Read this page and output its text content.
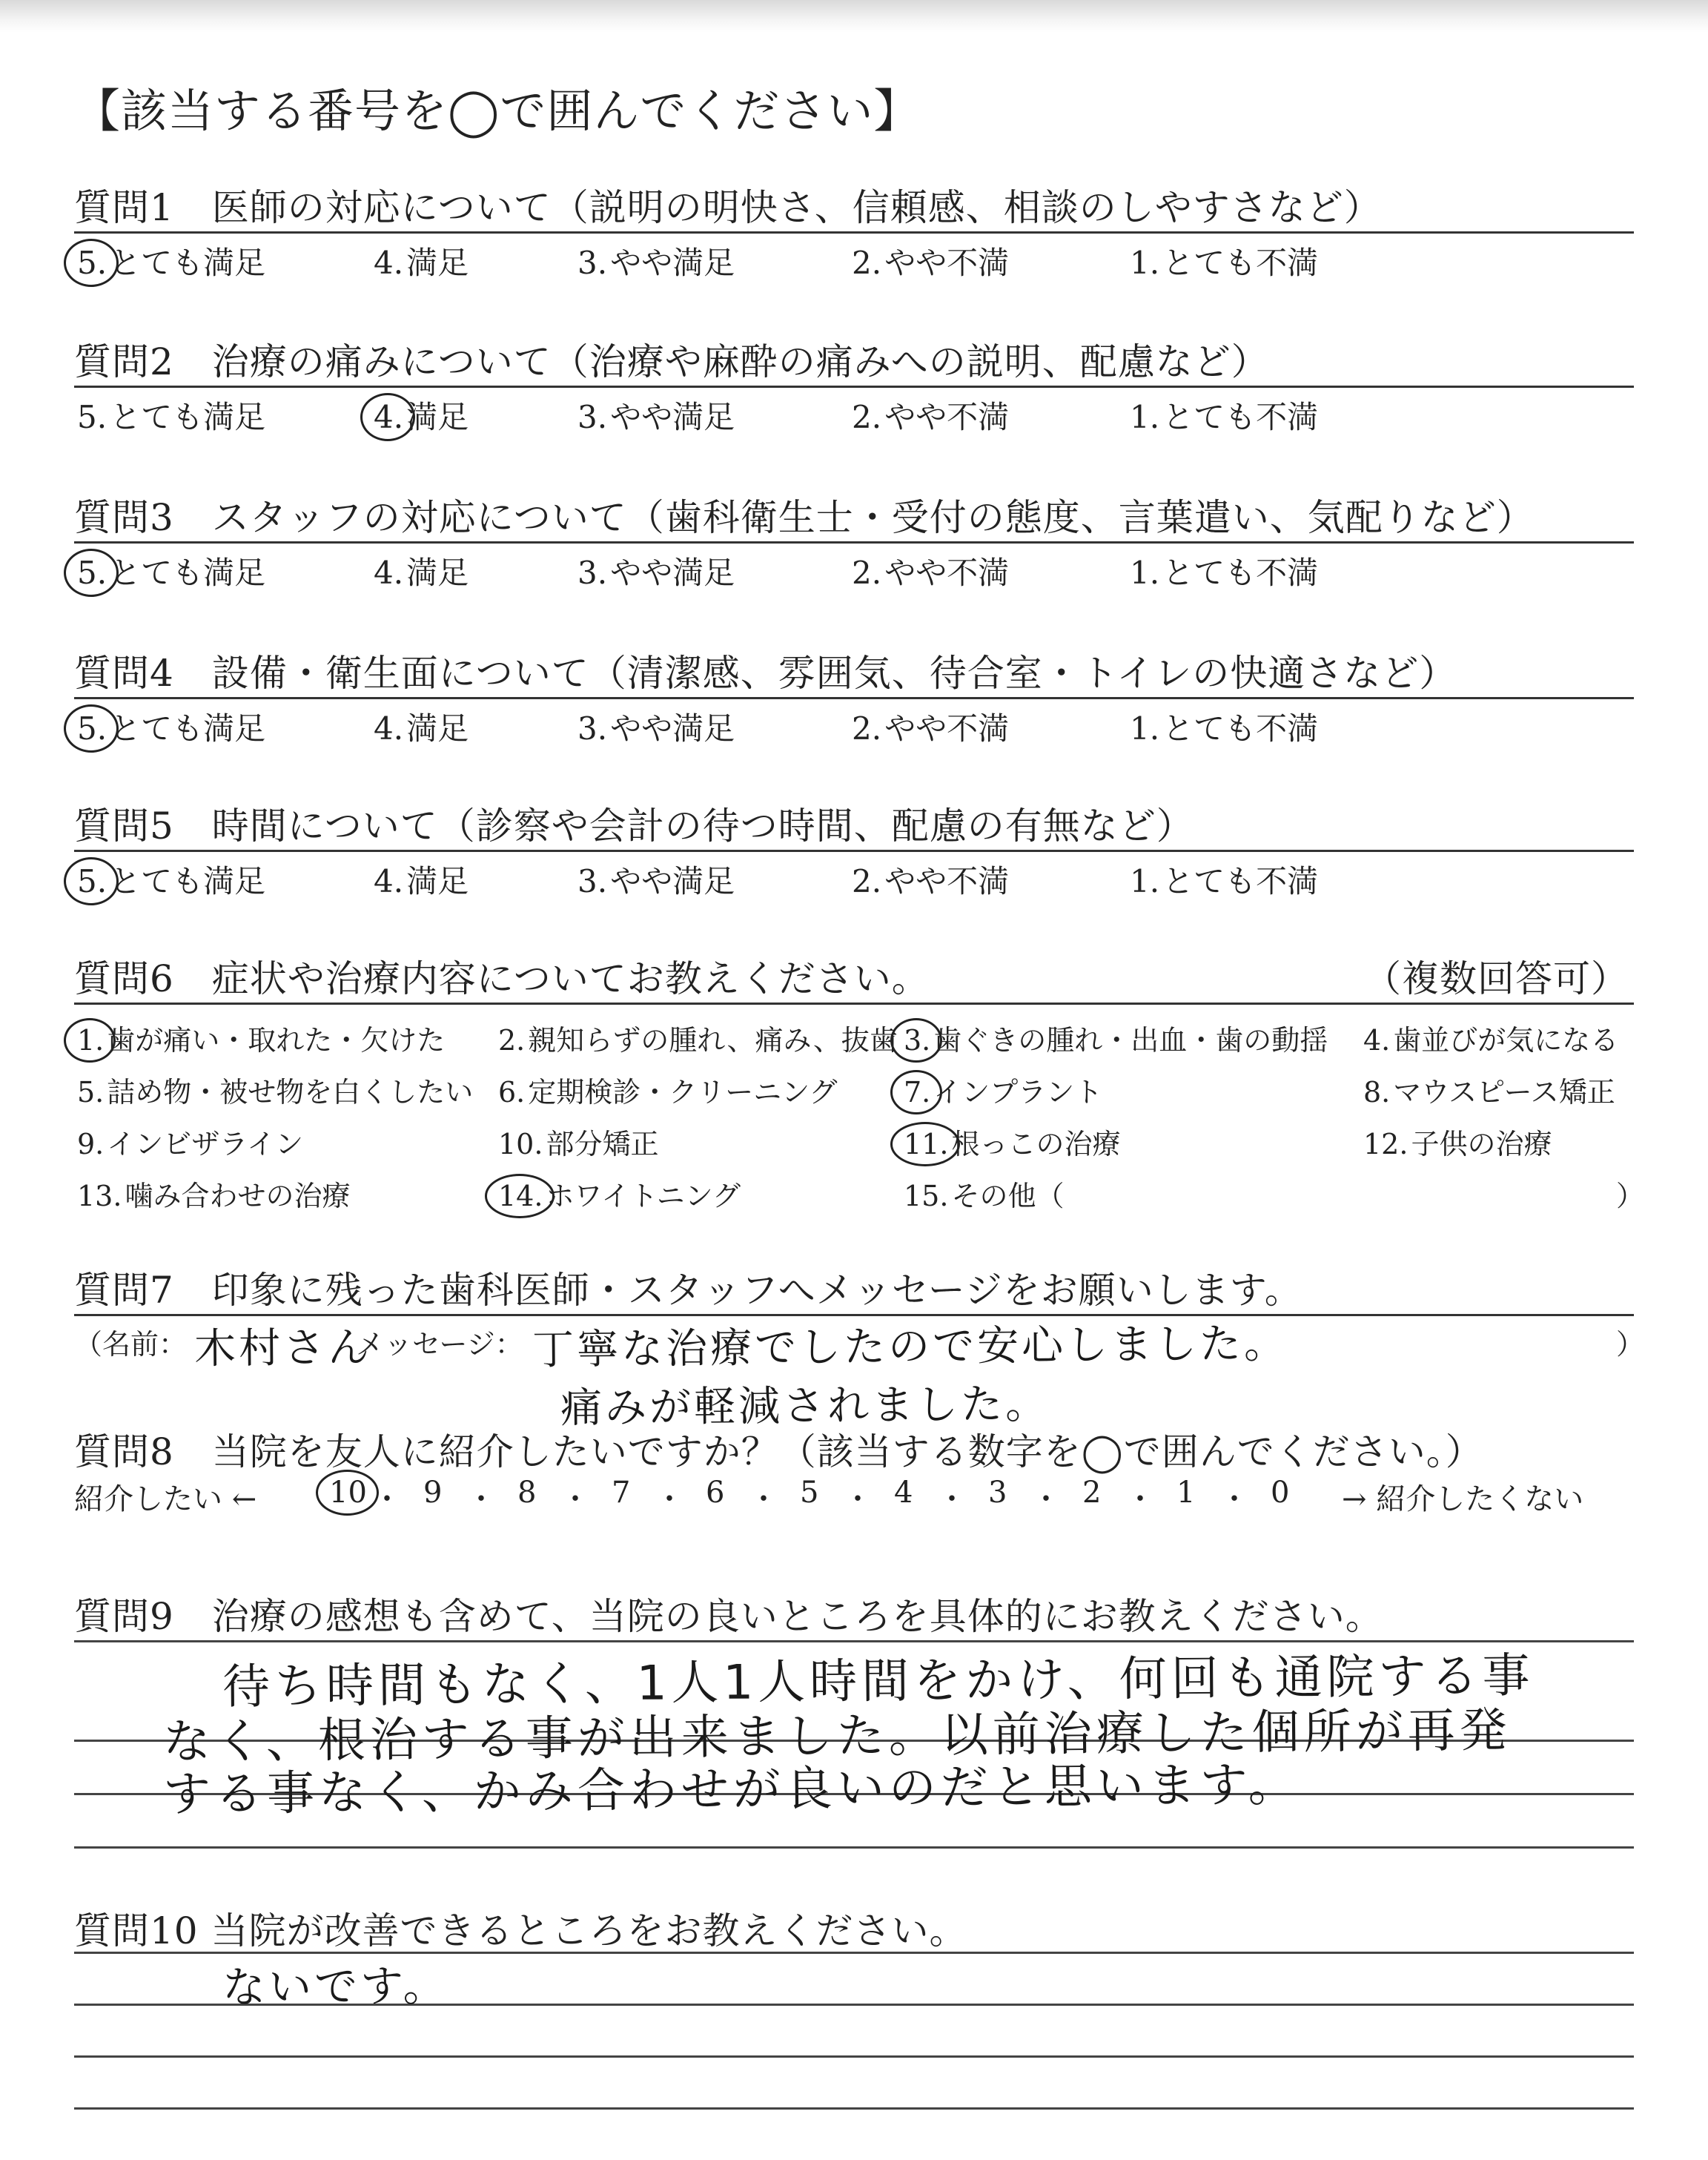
【該当する番号を◯で囲んでください】
質問1　医師の対応について（説明の明快さ、信頼感、相談のしやすさなど）
5.とても満足	4.満足	3.やや満足	2.やや不満	1.とても不満
質問2　治療の痛みについて（治療や麻酔の痛みへの説明、配慮など）
5.とても満足	4.満足	3.やや満足	2.やや不満	1.とても不満
質問3　スタッフの対応について（歯科衛生士・受付の態度、言葉遣い、気配りなど）
5.とても満足	4.満足	3.やや満足	2.やや不満	1.とても不満
質問4　設備・衛生面について（清潔感、雰囲気、待合室・トイレの快適さなど）
5.とても満足	4.満足	3.やや満足	2.やや不満	1.とても不満
質問5　時間について（診察や会計の待つ時間、配慮の有無など）
5.とても満足	4.満足	3.やや満足	2.やや不満	1.とても不満
質問6　症状や治療内容についてお教えください。	（複数回答可）
1. 歯が痛い・取れた・欠けた 2. 親知らずの腫れ、痛み、抜歯 3. 歯ぐきの腫れ・出血・歯の動揺 4. 歯並びが気になる
5. 詰め物・被せ物を白くしたい 6. 定期検診・クリーニング 7. インプラント	8. マウスピース矯正
9. インビザライン	10. 部分矯正	11. 根っこの治療	12. 子供の治療
13. 噛み合わせの治療	14. ホワイトニング	15. その他（	）
質問7　印象に残った歯科医師・スタッフへメッセージをお願いします。
（名前： 木村さん
メッセージ： 丁寧な治療でしたので安心しました。	）
痛みが軽減されました。
質問8　当院を友人に紹介したいですか？（該当する数字を◯で囲んでください。）
紹介したい ← 10 ・ 9 ・ 8 ・ 7 ・ 6 ・ 5 ・ 4 ・ 3 ・ 2 ・ 1 ・ 0 → 紹介したくない
質問9　治療の感想も含めて、当院の良いところを具体的にお教えください。
待ち時間もなく、1人1人時間をかけ、何回も通院する事
なく、根治する事が出来ました。以前治療した個所が再発
する事なく、かみ合わせが良いのだと思います。
質問10 当院が改善できるところをお教えください。
ないです。
